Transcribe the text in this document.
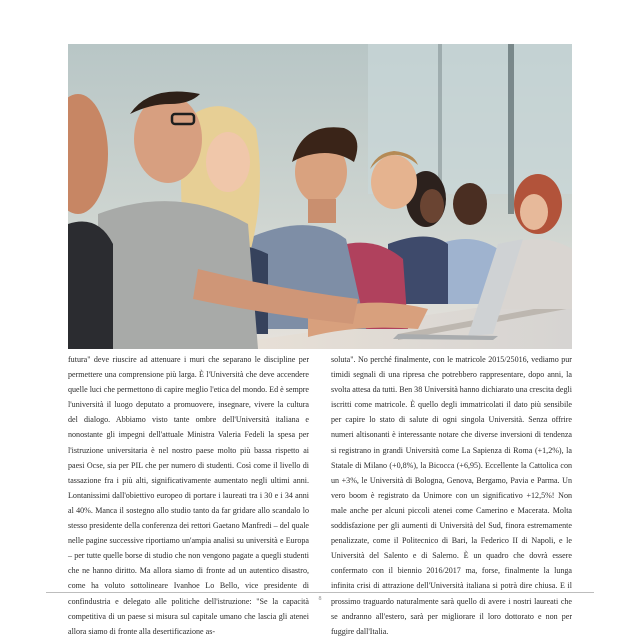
futura" deve riuscire ad attenuare i muri che separano le discipline per permettere una comprensione più larga. È l'Università che deve accendere quelle luci che permettono di capire meglio l'etica del mondo. Ed è sempre l'università il luogo deputato a promuovere, insegnare, vivere la cultura del dialogo. Abbiamo visto tante ombre dell'Università italiana e nonostante gli impegni dell'attuale Ministra Valeria Fedeli la spesa per l'istruzione universitaria è nel nostro paese molto più bassa rispetto ai paesi Ocse, sia per PIL che per numero di studenti. Così come il livello di tassazione fra i più alti, significativamente aumentato negli ultimi anni. Lontanissimi dall'obiettivo europeo di portare i laureati tra i 30 e i 34 anni al 40%. Manca il sostegno allo studio tanto da far gridare allo scandalo lo stesso presidente della conferenza dei rettori Gaetano Manfredi – del quale nelle pagine successive riportiamo un'ampia analisi su università e Europa – per tutte quelle borse di studio che non vengono pagate a quegli studenti che ne hanno diritto. Ma allora siamo di fronte ad un autentico disastro, come ha voluto sottolineare Ivanhoe Lo Bello, vice presidente di confindustria e delegato alle politiche dell'istruzione: "Se la capacità competitiva di un paese si misura sul capitale umano che lascia gli atenei allora siamo di fronte alla desertificazione as-

soluta". No perché finalmente, con le matricole 2015/25016, vediamo pur timidi segnali di una ripresa che potrebbero rappresentare, dopo anni, la svolta attesa da tutti. Ben 38 Università hanno dichiarato una crescita degli iscritti come matricole. È quello degli immatricolati il dato più sensibile per capire lo stato di salute di ogni singola Università. Senza offrire numeri altisonanti è interessante notare che diverse inversioni di tendenza si registrano in grandi Università come La Sapienza di Roma (+1,2%), la Statale di Milano (+0,8%), la Bicocca (+6,95). Eccellente la Cattolica con un +3%, le Università di Bologna, Genova, Bergamo, Pavia e Parma. Un vero boom è registrato da Unimore con un significativo +12,5%! Non male anche per alcuni piccoli atenei come Camerino e Macerata. Molta soddisfazione per gli aumenti di Università del Sud, finora estremamente penalizzate, come il Politecnico di Bari, la Federico II di Napoli, e le Università del Salento e di Salerno. È un quadro che dovrà essere confermato con il biennio 2016/2017 ma, forse, finalmente la lunga infinita crisi di attrazione dell'Università italiana si potrà dire chiusa. E il prossimo traguardo naturalmente sarà quello di avere i nostri laureati che se andranno all'estero, sarà per migliorare il loro dottorato e non per fuggire dall'Italia.

8
